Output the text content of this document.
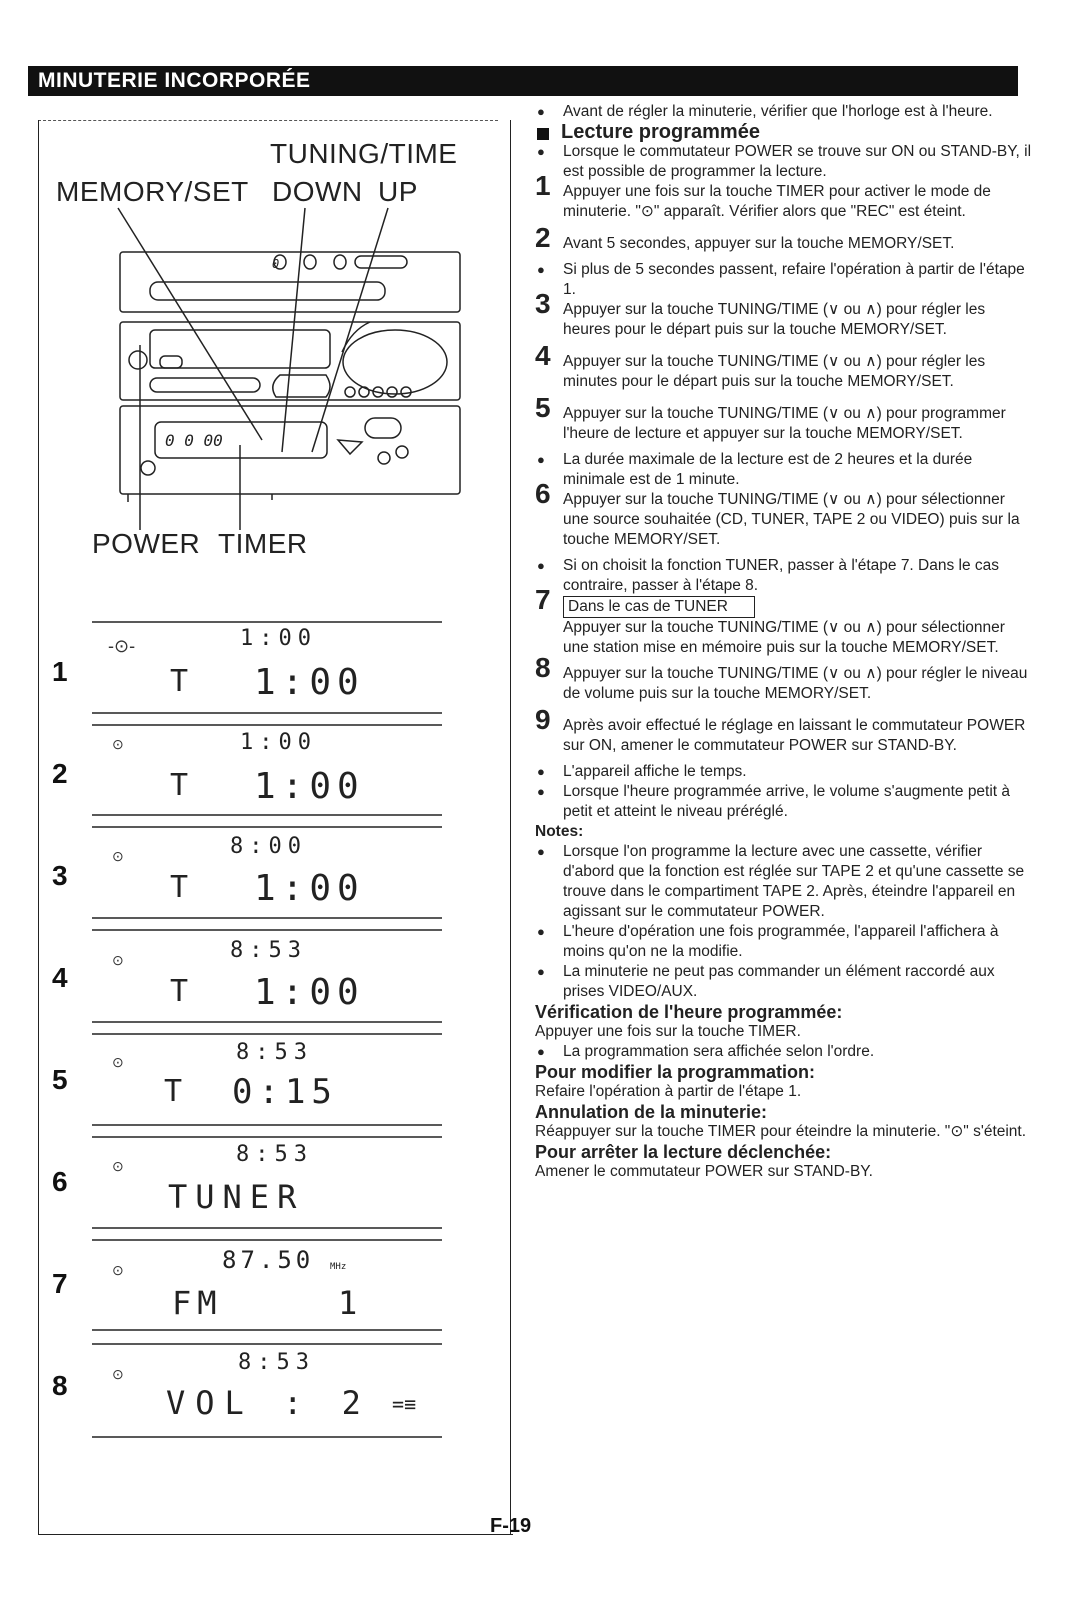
MINUTERIE INCORPORÉE
TUNING/TIME
MEMORY/SET DOWN UP
POWER TIMER
0 0 00
0
1
-⊙-	1:00
T 1:00
2
⊙	1:00
T 1:00
3
⊙	8:00
T 1:00
4
⊙	8:53
T 1:00
5
⊙	8:53
T 0:15
6	⊙	8:53
TUNER
7	⊙	87.50 MHz
FM	1
8	⊙	8:53
VOL : 2 =≡

● Avant de régler la minuterie, vérifier que l'horloge est à l'heure.

Lecture programmée

● Lorsque le commutateur POWER se trouve sur ON ou STAND-BY, il est possible de programmer la lecture.

1 Appuyer une fois sur la touche TIMER pour activer le mode de minuterie. "⊙" apparaît. Vérifier alors que "REC" est éteint.
2 Avant 5 secondes, appuyer sur la touche MEMORY/SET.

● Si plus de 5 secondes passent, refaire l'opération à partir de l'étape 1.

3 Appuyer sur la touche TUNING/TIME (∨ ou ∧) pour régler les heures pour le départ puis sur la touche MEMORY/SET.
4 Appuyer sur la touche TUNING/TIME (∨ ou ∧) pour régler les minutes pour le départ puis sur la touche MEMORY/SET.
5 Appuyer sur la touche TUNING/TIME (∨ ou ∧) pour programmer l'heure de lecture et appuyer sur la touche MEMORY/SET.

● La durée maximale de la lecture est de 2 heures et la durée minimale est de 1 minute.

6 Appuyer sur la touche TUNING/TIME (∨ ou ∧) pour sélectionner une source souhaitée (CD, TUNER, TAPE 2 ou VIDEO) puis sur la touche MEMORY/SET.

● Si on choisit la fonction TUNER, passer à l'étape 7. Dans le cas contraire, passer à l'étape 8.

7 Dans le cas de TUNER
Appuyer sur la touche TUNING/TIME (∨ ou ∧) pour sélectionner une station mise en mémoire puis sur la touche MEMORY/SET.
8 Appuyer sur la touche TUNING/TIME (∨ ou ∧) pour régler le niveau de volume puis sur la touche MEMORY/SET.
9 Après avoir effectué le réglage en laissant le commutateur POWER sur ON, amener le commutateur POWER sur STAND-BY.

● L'appareil affiche le temps.

● Lorsque l'heure programmée arrive, le volume s'augmente petit à petit et atteint le niveau préréglé.

Notes:

● Lorsque l'on programme la lecture avec une cassette, vérifier d'abord que la fonction est réglée sur TAPE 2 et qu'une cassette se trouve dans le compartiment TAPE 2. Après, éteindre l'appareil en agissant sur le commutateur POWER.

● L'heure d'opération une fois programmée, l'appareil l'affichera à moins qu'on ne la modifie.

● La minuterie ne peut pas commander un élément raccordé aux prises VIDEO/AUX.

Vérification de l'heure programmée:

Appuyer une fois sur la touche TIMER.

● La programmation sera affichée selon l'ordre.

Pour modifier la programmation:

Refaire l'opération à partir de l'étape 1.

Annulation de la minuterie:

Réappuyer sur la touche TIMER pour éteindre la minuterie. "⊙" s'éteint.

Pour arrêter la lecture déclenchée:

Amener le commutateur POWER sur STAND-BY.

F-19
